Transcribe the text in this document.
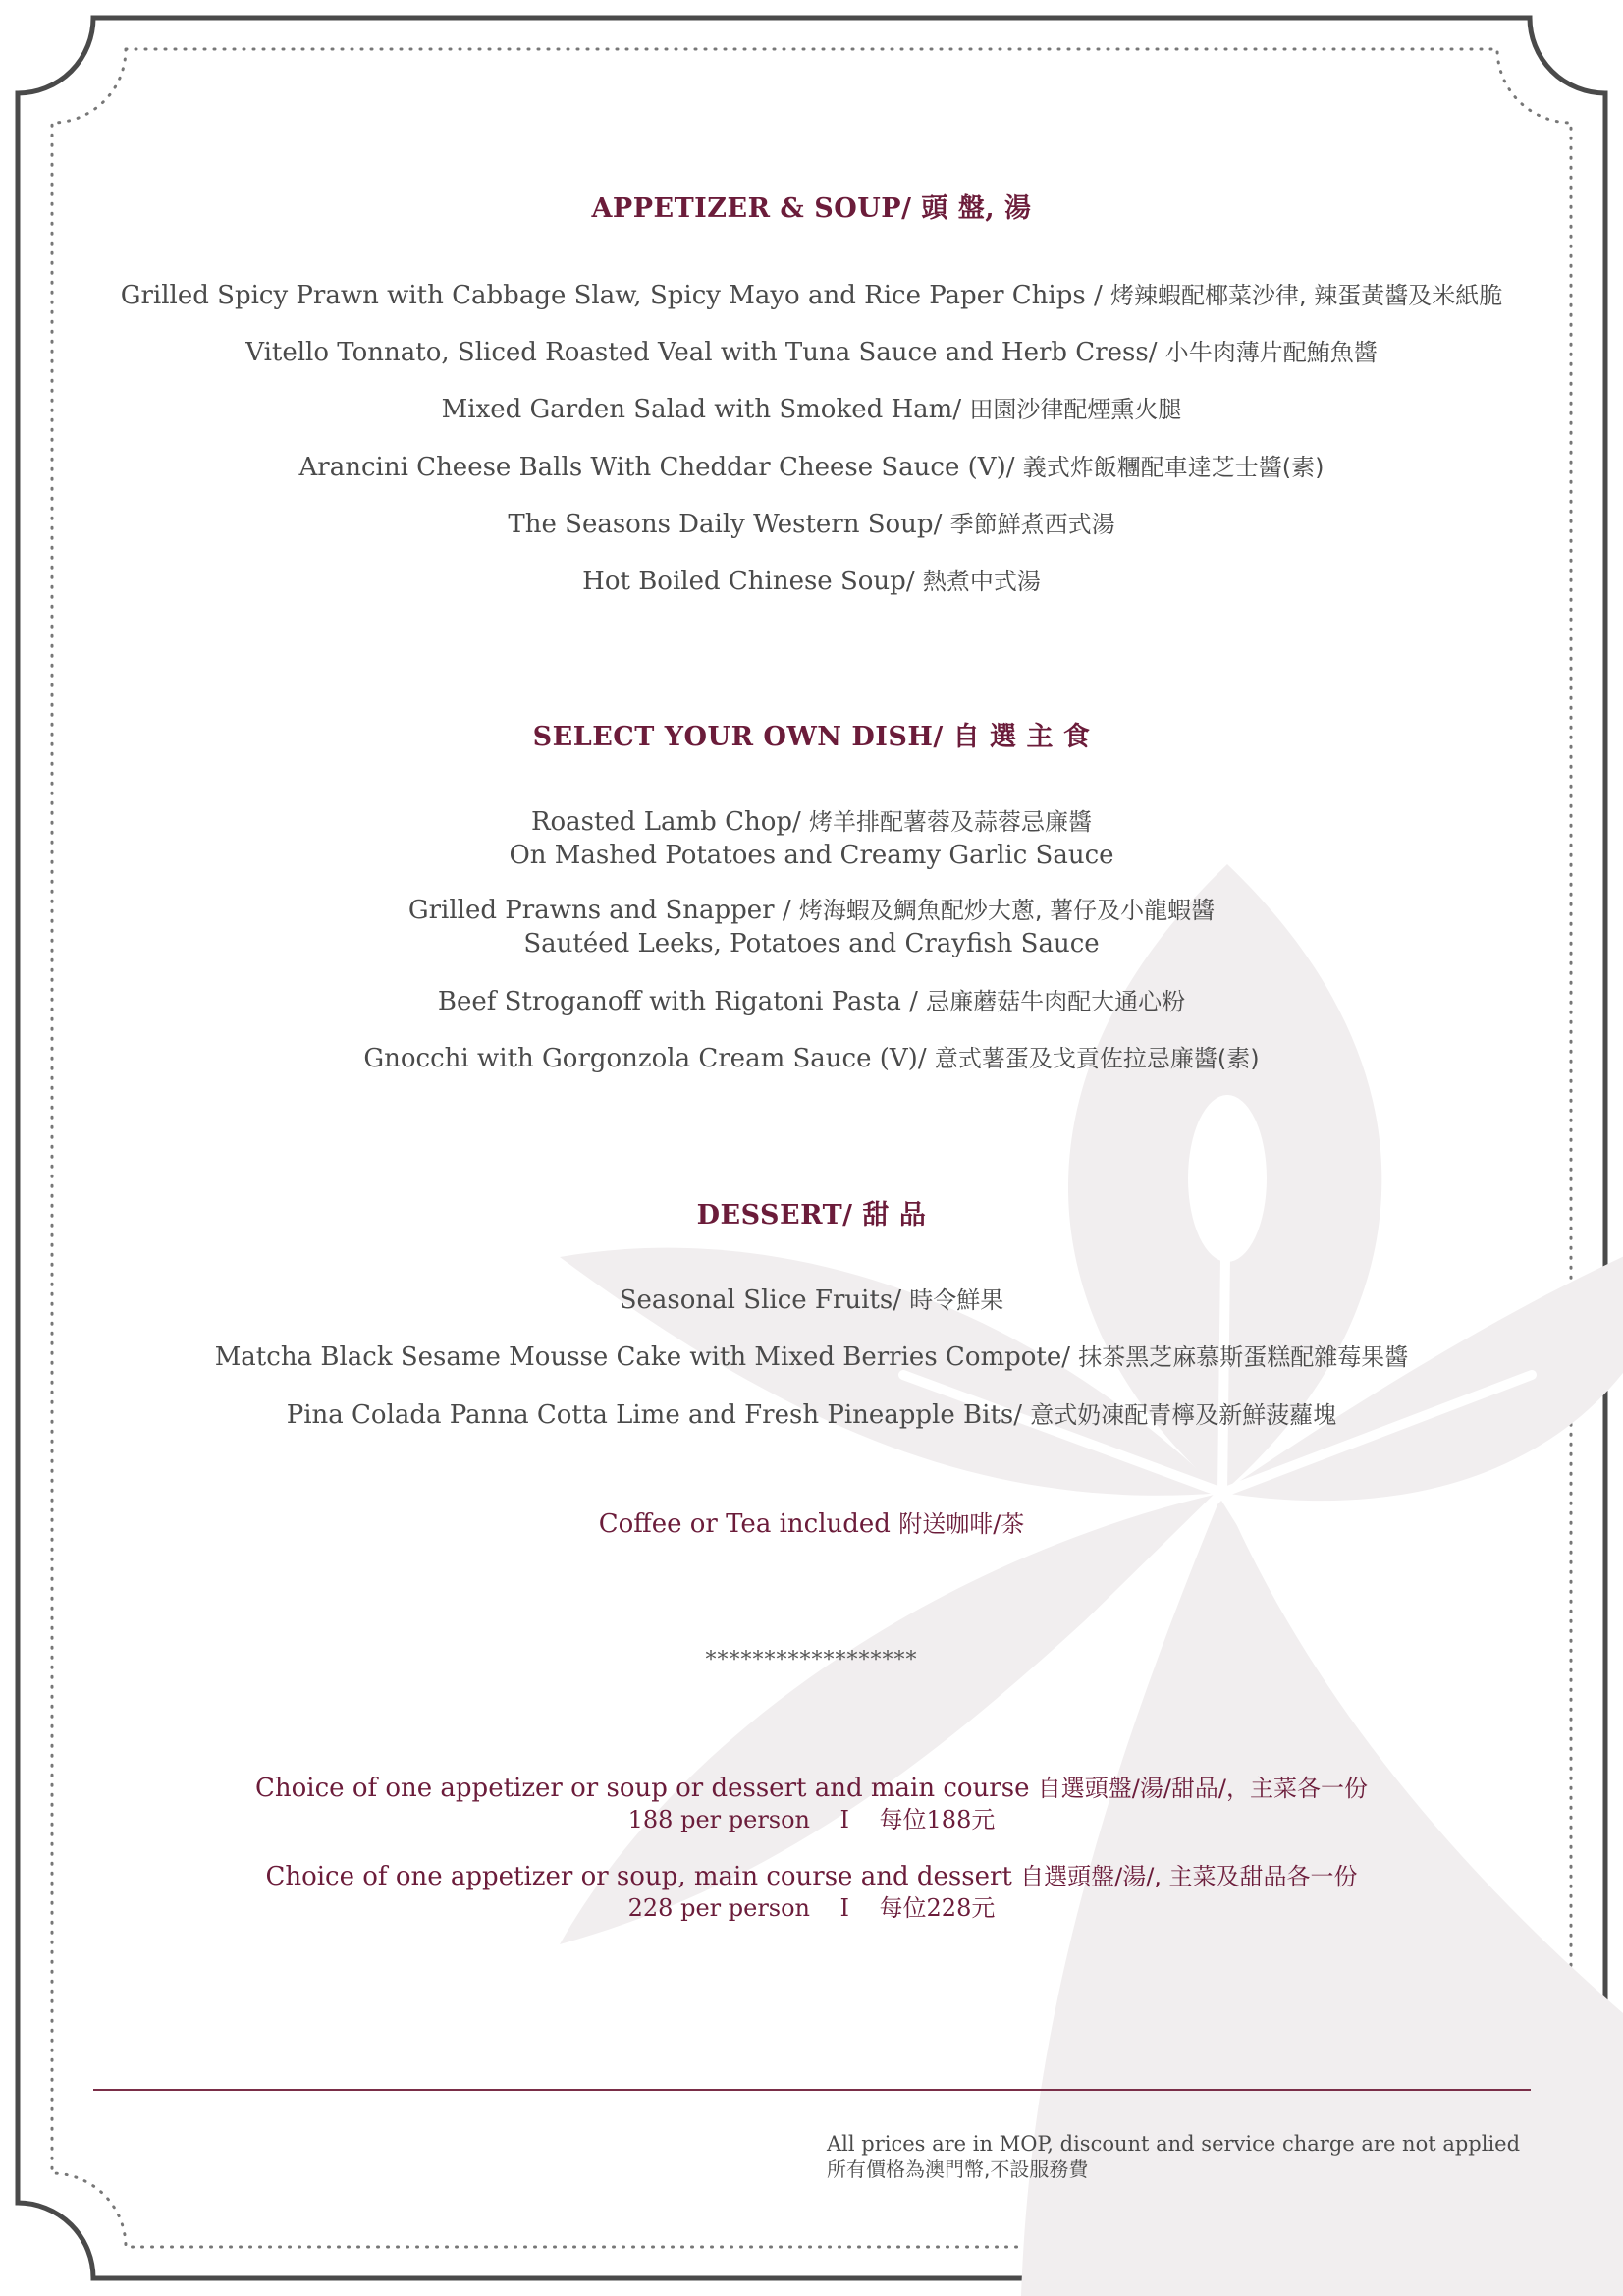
APPETIZER & SOUP/ 頭 盤, 湯
Grilled Spicy Prawn with Cabbage Slaw, Spicy Mayo and Rice Paper Chips / 烤辣蝦配椰菜沙律, 辣蛋黃醬及米紙脆
Vitello Tonnato, Sliced Roasted Veal with Tuna Sauce and Herb Cress/ 小牛肉薄片配鮪魚醬
Mixed Garden Salad with Smoked Ham/ 田園沙律配煙熏火腿
Arancini Cheese Balls With Cheddar Cheese Sauce (V)/ 義式炸飯糰配車達芝士醬(素)
The Seasons Daily Western Soup/ 季節鮮煮西式湯
Hot Boiled Chinese Soup/ 熱煮中式湯
SELECT YOUR OWN DISH/ 自 選 主 食
Roasted Lamb Chop/ 烤羊排配薯蓉及蒜蓉忌廉醬
On Mashed Potatoes and Creamy Garlic Sauce
Grilled Prawns and Snapper / 烤海蝦及鯛魚配炒大蔥, 薯仔及小龍蝦醬
Sautéed Leeks, Potatoes and Crayfish Sauce
Beef Stroganoff with Rigatoni Pasta / 忌廉蘑菇牛肉配大通心粉
Gnocchi with Gorgonzola Cream Sauce (V)/ 意式薯蛋及戈貢佐拉忌廉醬(素)
DESSERT/ 甜 品
Seasonal Slice Fruits/ 時令鮮果
Matcha Black Sesame Mousse Cake with Mixed Berries Compote/ 抹茶黑芝麻慕斯蛋糕配雜莓果醬
Pina Colada Panna Cotta Lime and Fresh Pineapple Bits/ 意式奶凍配青檸及新鮮菠蘿塊
Coffee or Tea included 附送咖啡/茶
******************
Choice of one appetizer or soup or dessert and main course 自選頭盤/湯/甜品/，主菜各一份
188 per person I 每位188元
Choice of one appetizer or soup, main course and dessert 自選頭盤/湯/, 主菜及甜品各一份
228 per person I 每位228元
All prices are in MOP, discount and service charge are not applied
所有價格為澳門幣,不設服務費
